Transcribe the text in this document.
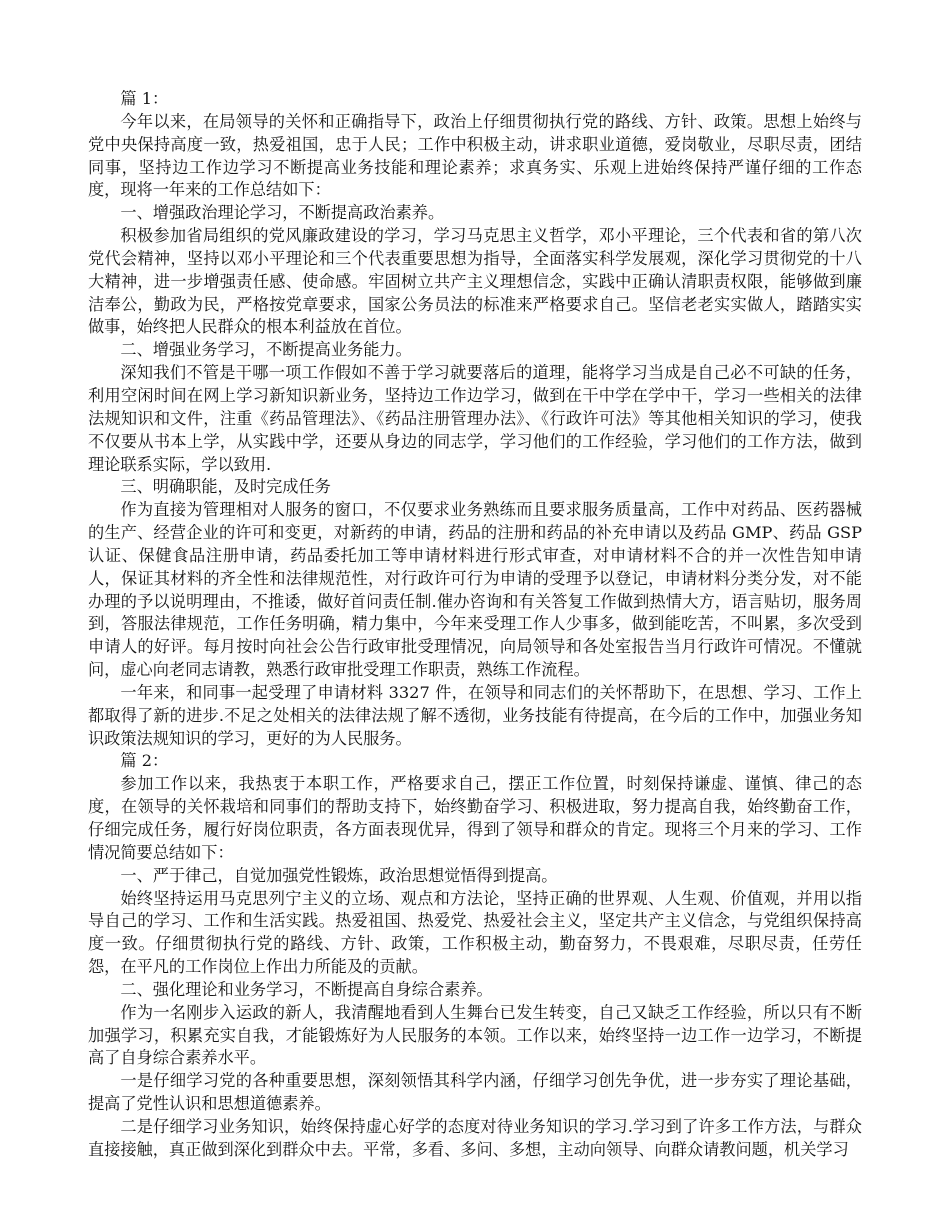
篇 1：

今年以来，在局领导的关怀和正确指导下，政治上仔细贯彻执行党的路线、方针、政策。思想上始终与党中央保持高度一致，热爱祖国，忠于人民；工作中积极主动，讲求职业道德，爱岗敬业，尽职尽责，团结同事，坚持边工作边学习不断提高业务技能和理论素养；求真务实、乐观上进始终保持严谨仔细的工作态度，现将一年来的工作总结如下：

一、增强政治理论学习，不断提高政治素养。

积极参加省局组织的党风廉政建设的学习，学习马克思主义哲学，邓小平理论，三个代表和省的第八次党代会精神，坚持以邓小平理论和三个代表重要思想为指导，全面落实科学发展观，深化学习贯彻党的十八大精神，进一步增强责任感、使命感。牢固树立共产主义理想信念，实践中正确认清职责权限，能够做到廉洁奉公，勤政为民，严格按党章要求，国家公务员法的标准来严格要求自己。坚信老老实实做人，踏踏实实做事，始终把人民群众的根本利益放在首位。

二、增强业务学习，不断提高业务能力。

深知我们不管是干哪一项工作假如不善于学习就要落后的道理，能将学习当成是自己必不可缺的任务，利用空闲时间在网上学习新知识新业务，坚持边工作边学习，做到在干中学在学中干，学习一些相关的法律法规知识和文件，注重《药品管理法》、《药品注册管理办法》、《行政许可法》等其他相关知识的学习，使我不仅要从书本上学，从实践中学，还要从身边的同志学，学习他们的工作经验，学习他们的工作方法，做到理论联系实际，学以致用.

三、明确职能，及时完成任务

作为直接为管理相对人服务的窗口，不仅要求业务熟练而且要求服务质量高，工作中对药品、医药器械的生产、经营企业的许可和变更，对新药的申请，药品的注册和药品的补充申请以及药品 GMP、药品 GSP 认证、保健食品注册申请，药品委托加工等申请材料进行形式审查，对申请材料不合的并一次性告知申请人，保证其材料的齐全性和法律规范性，对行政许可行为申请的受理予以登记，申请材料分类分发，对不能办理的予以说明理由，不推诿，做好首问责任制.催办咨询和有关答复工作做到热情大方，语言贴切，服务周到，答服法律规范，工作任务明确，精力集中，今年来受理工作人少事多，做到能吃苦，不叫累，多次受到申请人的好评。每月按时向社会公告行政审批受理情况，向局领导和各处室报告当月行政许可情况。不懂就问，虚心向老同志请教，熟悉行政审批受理工作职责，熟练工作流程。

一年来，和同事一起受理了申请材料 3327 件，在领导和同志们的关怀帮助下，在思想、学习、工作上都取得了新的进步.不足之处相关的法律法规了解不透彻，业务技能有待提高，在今后的工作中，加强业务知识政策法规知识的学习，更好的为人民服务。

篇 2：

参加工作以来，我热衷于本职工作，严格要求自己，摆正工作位置，时刻保持谦虚、谨慎、律己的态度，在领导的关怀栽培和同事们的帮助支持下，始终勤奋学习、积极进取，努力提高自我，始终勤奋工作，仔细完成任务，履行好岗位职责，各方面表现优异，得到了领导和群众的肯定。现将三个月来的学习、工作情况简要总结如下：

一、严于律己，自觉加强党性锻炼，政治思想觉悟得到提高。

始终坚持运用马克思列宁主义的立场、观点和方法论，坚持正确的世界观、人生观、价值观，并用以指导自己的学习、工作和生活实践。热爱祖国、热爱党、热爱社会主义，坚定共产主义信念，与党组织保持高度一致。仔细贯彻执行党的路线、方针、政策，工作积极主动，勤奋努力，不畏艰难，尽职尽责，任劳任怨，在平凡的工作岗位上作出力所能及的贡献。

二、强化理论和业务学习，不断提高自身综合素养。

作为一名刚步入运政的新人，我清醒地看到人生舞台已发生转变，自己又缺乏工作经验，所以只有不断加强学习，积累充实自我，才能锻炼好为人民服务的本领。工作以来，始终坚持一边工作一边学习，不断提高了自身综合素养水平。

一是仔细学习党的各种重要思想，深刻领悟其科学内涵，仔细学习创先争优，进一步夯实了理论基础，提高了党性认识和思想道德素养。

二是仔细学习业务知识，始终保持虚心好学的态度对待业务知识的学习.学习到了许多工作方法，与群众直接接触，真正做到深化到群众中去。平常，多看、多问、多想，主动向领导、向群众请教问题，机关学习
